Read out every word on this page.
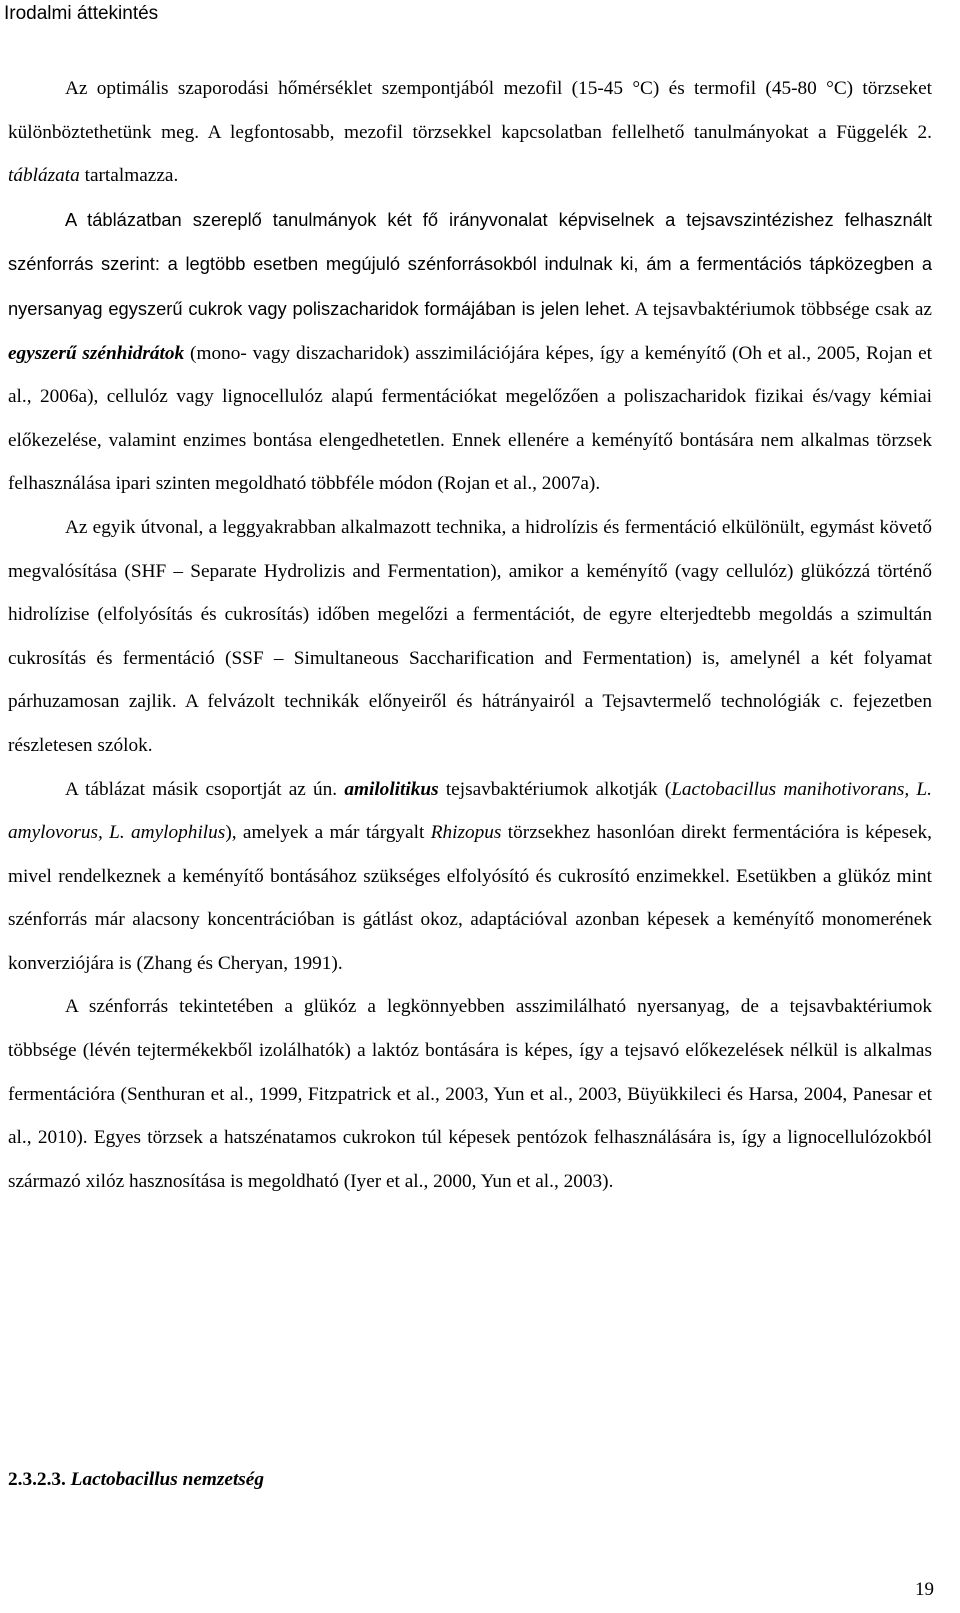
Irodalmi áttekintés

Az optimális szaporodási hőmérséklet szempontjából mezofil (15-45 °C) és termofil (45-80 °C) törzseket különböztethetünk meg. A legfontosabb, mezofil törzsekkel kapcsolatban fellelhető tanulmányokat a Függelék 2. táblázata tartalmazza.

A táblázatban szereplő tanulmányok két fő irányvonalat képviselnek a tejsavszintézishez felhasznált szénforrás szerint: a legtöbb esetben megújuló szénforrásokból indulnak ki, ám a fermentációs tápközegben a nyersanyag egyszerű cukrok vagy poliszacharidok formájában is jelen lehet. A tejsavbaktériumok többsége csak az egyszerű szénhidrátok (mono- vagy diszacharidok) asszimilációjára képes, így a keményítő (Oh et al., 2005, Rojan et al., 2006a), cellulóz vagy lignocellulóz alapú fermentációkat megelőzően a poliszacharidok fizikai és/vagy kémiai előkezelése, valamint enzimes bontása elengedhetetlen. Ennek ellenére a keményítő bontására nem alkalmas törzsek felhasználása ipari szinten megoldható többféle módon (Rojan et al., 2007a).

Az egyik útvonal, a leggyakrabban alkalmazott technika, a hidrolízis és fermentáció elkülönült, egymást követő megvalósítása (SHF – Separate Hydrolizis and Fermentation), amikor a keményítő (vagy cellulóz) glükózzá történő hidrolízise (elfolyósítás és cukrosítás) időben megelőzi a fermentációt, de egyre elterjedtebb megoldás a szimultán cukrosítás és fermentáció (SSF – Simultaneous Saccharification and Fermentation) is, amelynél a két folyamat párhuzamosan zajlik. A felvázolt technikák előnyeiről és hátrányairól a Tejsavtermelő technológiák c. fejezetben részletesen szólok.

A táblázat másik csoportját az ún. amilolitikus tejsavbaktériumok alkotják (Lactobacillus manihotivorans, L. amylovorus, L. amylophilus), amelyek a már tárgyalt Rhizopus törzsekhez hasonlóan direkt fermentációra is képesek, mivel rendelkeznek a keményítő bontásához szükséges elfolyósító és cukrosító enzimekkel. Esetükben a glükóz mint szénforrás már alacsony koncentrációban is gátlást okoz, adaptációval azonban képesek a keményítő monomerének konverziójára is (Zhang és Cheryan, 1991).

A szénforrás tekintetében a glükóz a legkönnyebben asszimilálható nyersanyag, de a tejsavbaktériumok többsége (lévén tejtermékekből izolálhatók) a laktóz bontására is képes, így a tejsavó előkezelések nélkül is alkalmas fermentációra (Senthuran et al., 1999, Fitzpatrick et al., 2003, Yun et al., 2003, Büyükkileci és Harsa, 2004, Panesar et al., 2010). Egyes törzsek a hatszénatamos cukrokon túl képesek pentózok felhasználására is, így a lignocellulózokból származó xilóz hasznosítása is megoldható (Iyer et al., 2000, Yun et al., 2003).

2.3.2.3. Lactobacillus nemzetség
19
